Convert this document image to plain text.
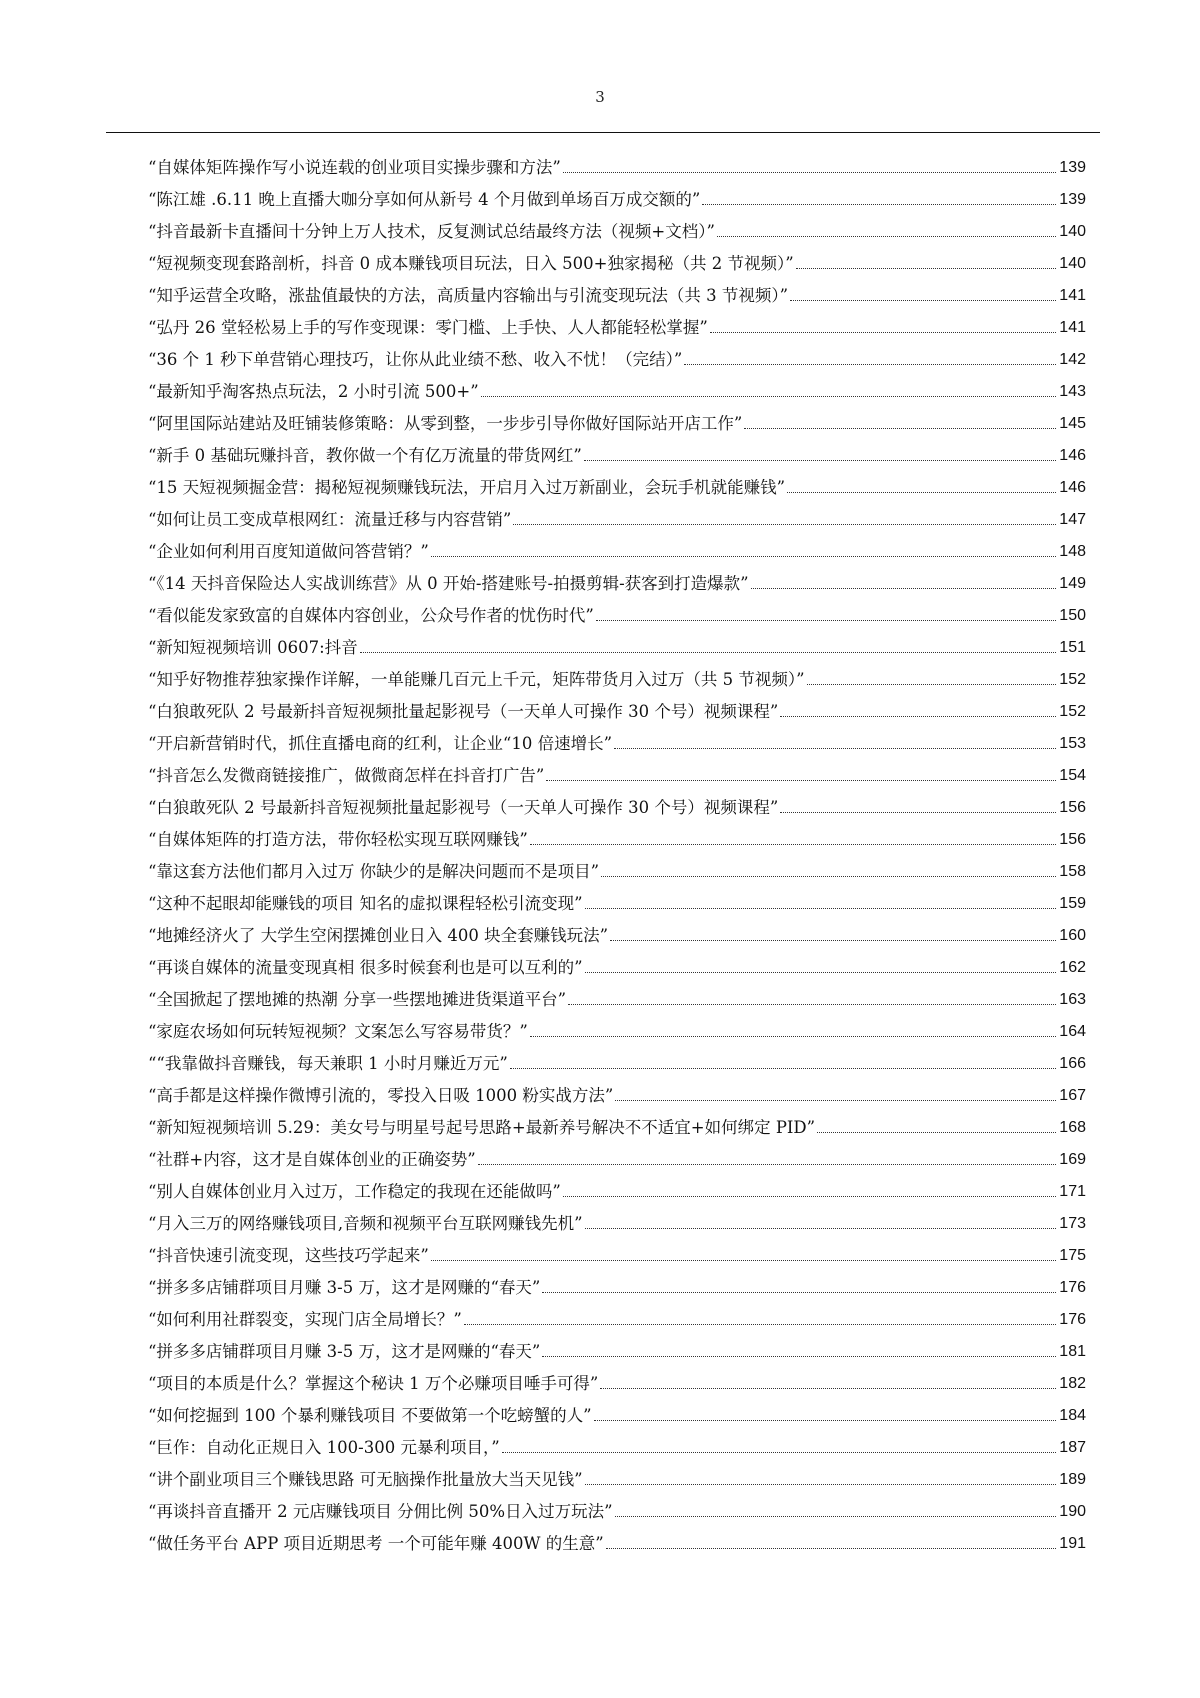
3
“自媒体矩阵操作写小说连载的创业项目实操步骤和方法”	139
“陈江雄 .6.11 晚上直播大咖分享如何从新号 4 个月做到单场百万成交额的”	139
“抖音最新卡直播间十分钟上万人技术，反复测试总结最终方法（视频+文档）”	140
“短视频变现套路剖析，抖音 0 成本赚钱项目玩法，日入 500+独家揭秘（共 2 节视频）”	140
“知乎运营全攻略，涨盐值最快的方法，高质量内容输出与引流变现玩法（共 3 节视频）”	141
“弘丹 26 堂轻松易上手的写作变现课：零门槛、上手快、人人都能轻松掌握”	141
“36 个 1 秒下单营销心理技巧，让你从此业绩不愁、收入不忧！（完结）”	142
“最新知乎淘客热点玩法，2 小时引流 500+”	143
“阿里国际站建站及旺铺装修策略：从零到整，一步步引导你做好国际站开店工作”	145
“新手 0 基础玩赚抖音，教你做一个有亿万流量的带货网红”	146
“15 天短视频掘金营：揭秘短视频赚钱玩法，开启月入过万新副业，会玩手机就能赚钱”	146
“如何让员工变成草根网红：流量迁移与内容营销”	147
“企业如何利用百度知道做问答营销？”	148
“《14 天抖音保险达人实战训练营》从 0 开始-搭建账号-拍摄剪辑-获客到打造爆款”	149
“看似能发家致富的自媒体内容创业，公众号作者的忧伤时代”	150
“新知短视频培训 0607:抖音	151
“知乎好物推荐独家操作详解，一单能赚几百元上千元，矩阵带货月入过万（共 5 节视频）”	152
“白狼敢死队 2 号最新抖音短视频批量起影视号（一天单人可操作 30 个号）视频课程”	152
“开启新营销时代，抓住直播电商的红利，让企业“10 倍速增长”	153
“抖音怎么发微商链接推广，做微商怎样在抖音打广告”	154
“白狼敢死队 2 号最新抖音短视频批量起影视号（一天单人可操作 30 个号）视频课程”	156
“自媒体矩阵的打造方法，带你轻松实现互联网赚钱”	156
“靠这套方法他们都月入过万 你缺少的是解决问题而不是项目”	158
“这种不起眼却能赚钱的项目 知名的虚拟课程轻松引流变现”	159
“地摊经济火了 大学生空闲摆摊创业日入 400 块全套赚钱玩法”	160
“再谈自媒体的流量变现真相 很多时候套利也是可以互利的”	162
“全国掀起了摆地摊的热潮 分享一些摆地摊进货渠道平台”	163
“家庭农场如何玩转短视频？文案怎么写容易带货？”	164
““我靠做抖音赚钱，每天兼职 1 小时月赚近万元”	166
“高手都是这样操作微博引流的，零投入日吸 1000 粉实战方法”	167
“新知短视频培训 5.29：美女号与明星号起号思路+最新养号解决不不适宜+如何绑定 PID”	168
“社群+内容，这才是自媒体创业的正确姿势”	169
“别人自媒体创业月入过万，工作稳定的我现在还能做吗”	171
“月入三万的网络赚钱项目,音频和视频平台互联网赚钱先机”	173
“抖音快速引流变现，这些技巧学起来”	175
“拼多多店铺群项目月赚 3-5 万，这才是网赚的“春天”	176
“如何利用社群裂变，实现门店全局增长？”	176
“拼多多店铺群项目月赚 3-5 万，这才是网赚的“春天”	181
“项目的本质是什么？掌握这个秘诀 1 万个必赚项目唾手可得”	182
“如何挖掘到 100 个暴利赚钱项目 不要做第一个吃螃蟹的人”	184
“巨作：自动化正规日入 100-300 元暴利项目，”	187
“讲个副业项目三个赚钱思路 可无脑操作批量放大当天见钱”	189
“再谈抖音直播开 2 元店赚钱项目 分佣比例 50%日入过万玩法”	190
“做任务平台 APP 项目近期思考 一个可能年赚 400W 的生意”	191
